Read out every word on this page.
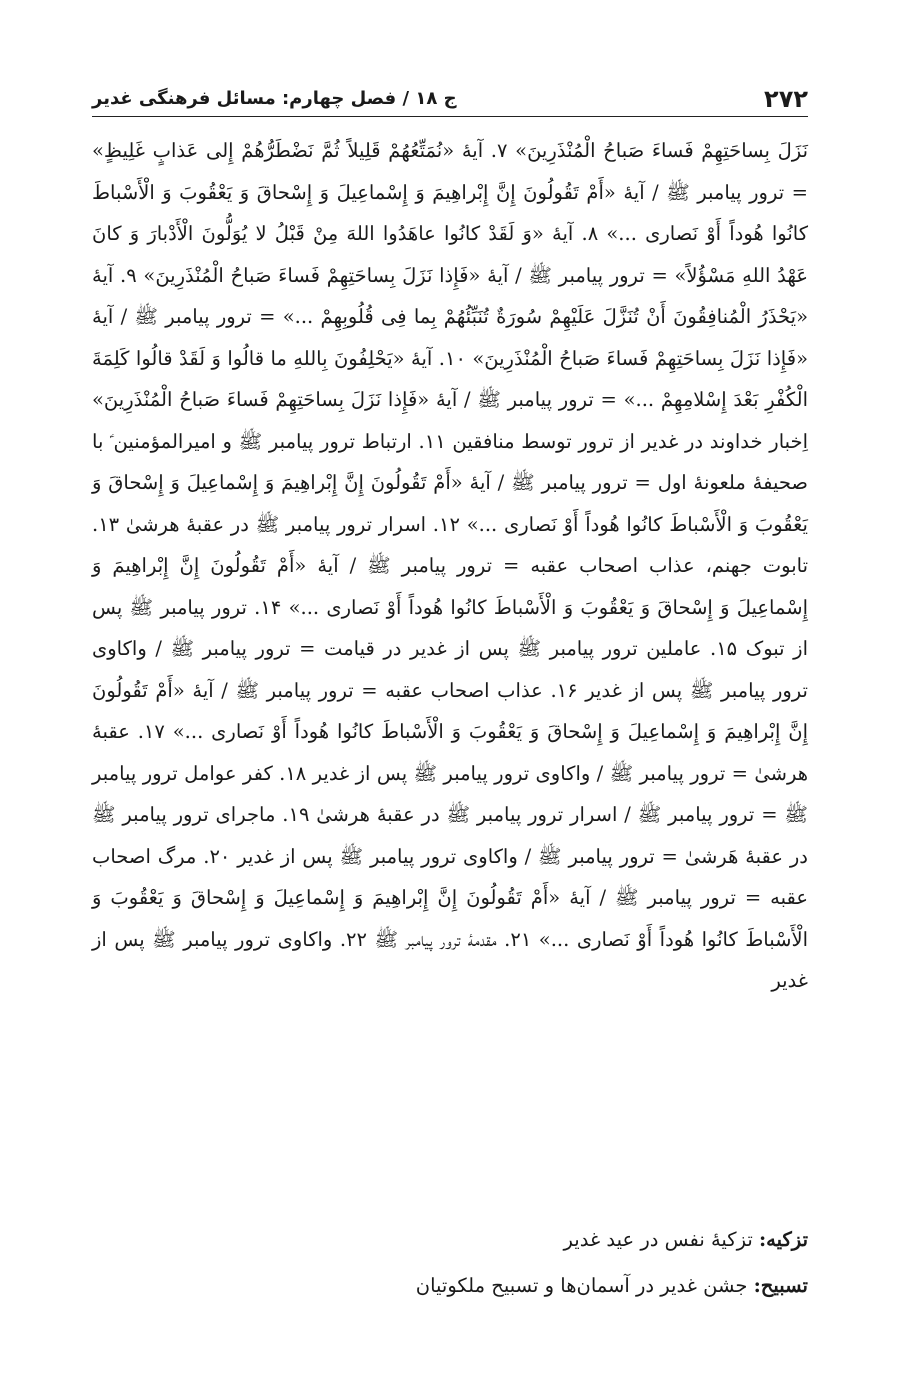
۲۷۲
ج ۱۸ / فصل چهارم: مسائل فرهنگی غدیر
نَزَلَ بِساحَتِهِمْ فَساءَ صَباحُ الْمُنْذَرِینَ» ۷. آیهٔ «نُمَتِّعُهُمْ قَلِیلاً ثُمَّ نَضْطَرُّهُمْ إِلی عَذابٍ غَلِیظٍ» = ترور پیامبر ﷺ / آیهٔ «أَمْ تَقُولُونَ إِنَّ إِبْراهِیمَ وَ إِسْماعِیلَ وَ إِسْحاقَ وَ یَعْقُوبَ وَ الْأَسْباطَ کانُوا هُوداً أَوْ نَصاری ...» ۸. آیهٔ «وَ لَقَدْ کانُوا عاهَدُوا اللهَ مِنْ قَبْلُ لا یُوَلُّونَ الْأَدْبارَ وَ کانَ عَهْدُ اللهِ مَسْؤُلاً» = ترور پیامبر ﷺ / آیهٔ «فَإِذا نَزَلَ بِساحَتِهِمْ فَساءَ صَباحُ الْمُنْذَرِینَ» ۹. آیهٔ «یَحْذَرُ الْمُنافِقُونَ أَنْ تُنَزَّلَ عَلَیْهِمْ سُورَةٌ تُنَبِّئُهُمْ بِما فِی قُلُوبِهِمْ ...» = ترور پیامبر ﷺ / آیهٔ «فَإِذا نَزَلَ بِساحَتِهِمْ فَساءَ صَباحُ الْمُنْذَرِینَ» ۱۰. آیهٔ «یَحْلِفُونَ بِاللهِ ما قالُوا وَ لَقَدْ قالُوا کَلِمَةَ الْکُفْرِ بَعْدَ إِسْلامِهِمْ ...» = ترور پیامبر ﷺ / آیهٔ «فَإِذا نَزَلَ بِساحَتِهِمْ فَساءَ صَباحُ الْمُنْذَرِینَ» اِخبار خداوند در غدیر از ترور توسط منافقین ۱۱. ارتباط ترور پیامبر ﷺ و امیرالمؤمنین ؑ با صحیفهٔ ملعونهٔ اول = ترور پیامبر ﷺ / آیهٔ «أَمْ تَقُولُونَ إِنَّ إِبْراهِیمَ وَ إِسْماعِیلَ وَ إِسْحاقَ وَ یَعْقُوبَ وَ الْأَسْباطَ کانُوا هُوداً أَوْ نَصاری ...» ۱۲. اسرار ترور پیامبر ﷺ در عقبهٔ هرشیٰ ۱۳. تابوت جهنم، عذاب اصحاب عقبه = ترور پیامبر ﷺ / آیهٔ «أَمْ تَقُولُونَ إِنَّ إِبْراهِیمَ وَ إِسْماعِیلَ وَ إِسْحاقَ وَ یَعْقُوبَ وَ الْأَسْباطَ کانُوا هُوداً أَوْ نَصاری ...» ۱۴. ترور پیامبر ﷺ پس از تبوک ۱۵. عاملین ترور پیامبر ﷺ پس از غدیر در قیامت = ترور پیامبر ﷺ / واکاوی ترور پیامبر ﷺ پس از غدیر ۱۶. عذاب اصحاب عقبه = ترور پیامبر ﷺ / آیهٔ «أَمْ تَقُولُونَ إِنَّ إِبْراهِیمَ وَ إِسْماعِیلَ وَ إِسْحاقَ وَ یَعْقُوبَ وَ الْأَسْباطَ کانُوا هُوداً أَوْ نَصاری ...» ۱۷. عقبهٔ هرشیٰ = ترور پیامبر ﷺ / واکاوی ترور پیامبر ﷺ پس از غدیر ۱۸. کفر عوامل ترور پیامبر ﷺ = ترور پیامبر ﷺ / اسرار ترور پیامبر ﷺ در عقبهٔ هرشیٰ ۱۹. ماجرای ترور پیامبر ﷺ در عقبهٔ هَرشیٰ = ترور پیامبر ﷺ / واکاوی ترور پیامبر ﷺ پس از غدیر ۲۰. مرگ اصحاب عقبه = ترور پیامبر ﷺ / آیهٔ «أَمْ تَقُولُونَ إِنَّ إِبْراهِیمَ وَ إِسْماعِیلَ وَ إِسْحاقَ وَ یَعْقُوبَ وَ الْأَسْباطَ کانُوا هُوداً أَوْ نَصاری ...» ۲۱. مقدمهٔ ترور پیامبر ﷺ ۲۲. واکاوی ترور پیامبر ﷺ پس از غدیر
تزکیه: تزکیهٔ نفس در عید غدیر
تسبیح: جشن غدیر در آسمان‌ها و تسبیح ملکوتیان
